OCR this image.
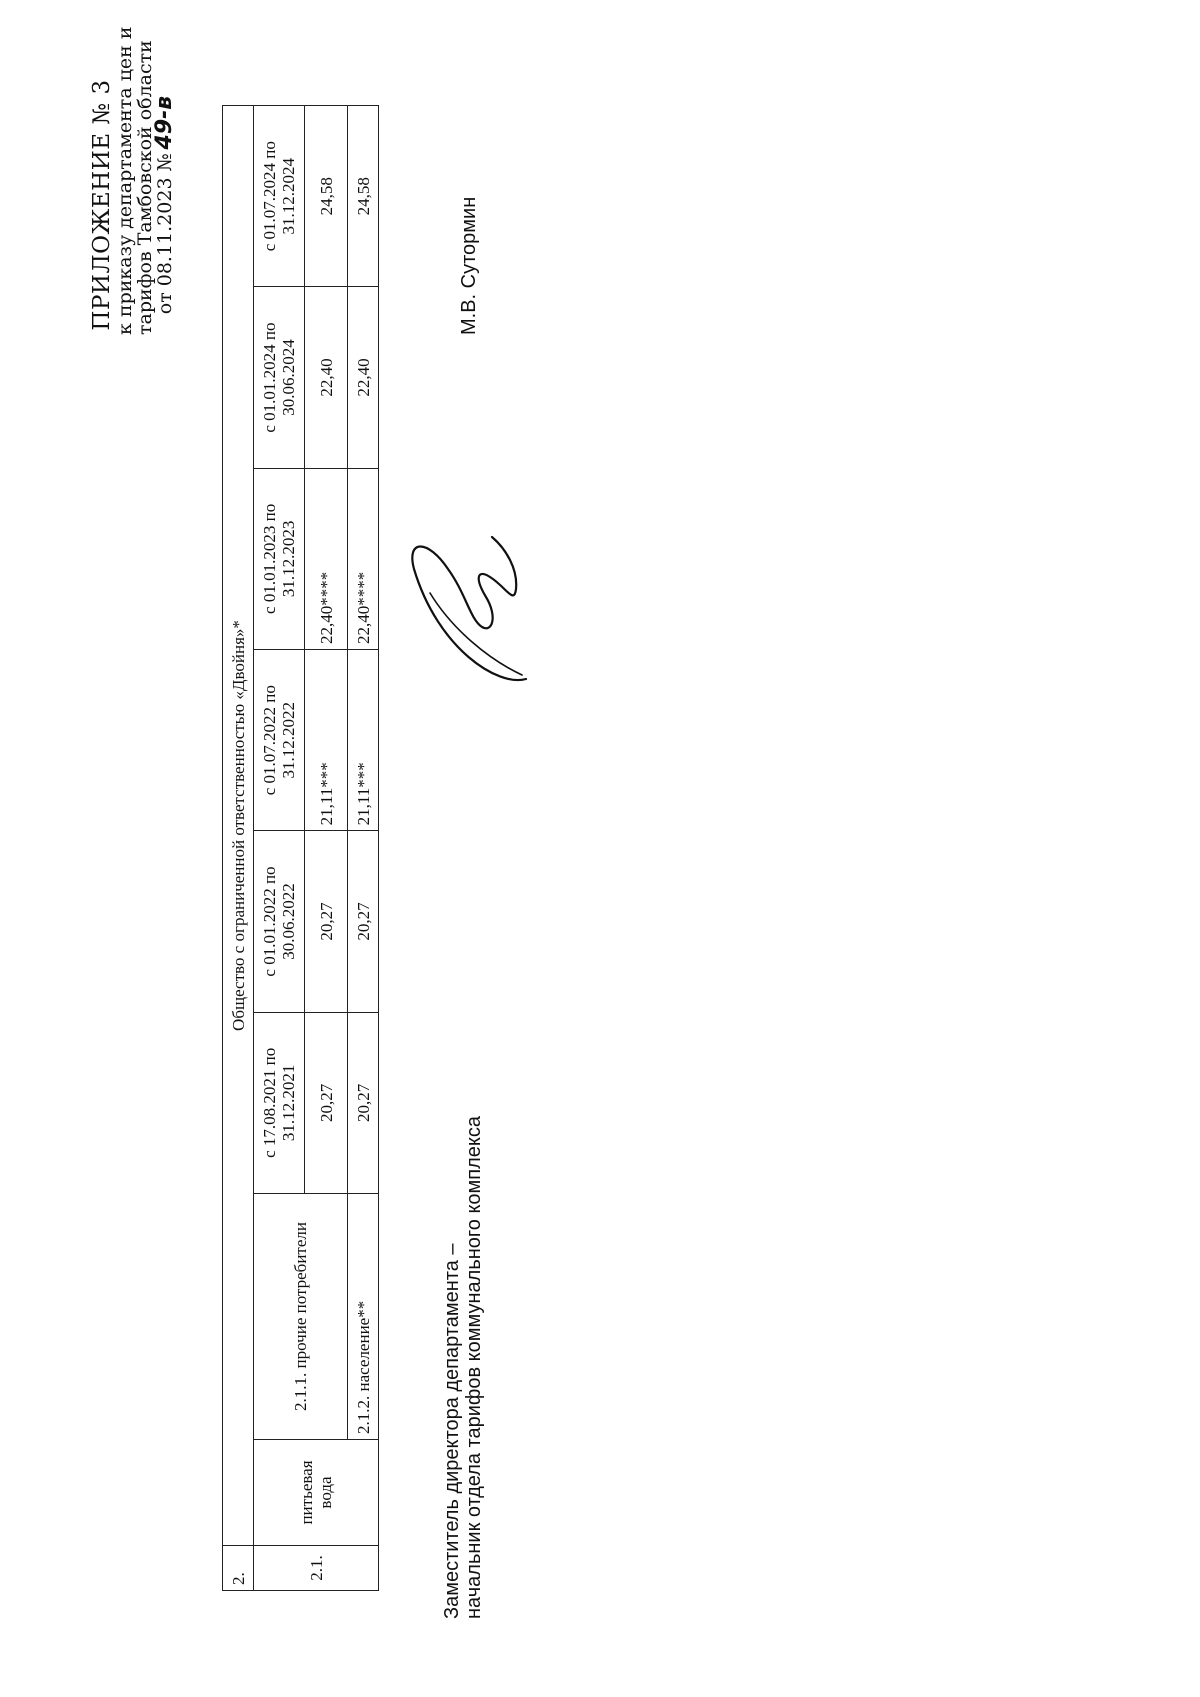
ПРИЛОЖЕНИЕ № 3 к приказу департамента цен и
тарифов Тамбовской области
от 08.11.2023 №49-в
2.	Общество с ограниченной ответственностью «Двойня»*							
2.1.	питьевая вода	2.1.1. прочие потребители	с 17.08.2021 по 31.12.2021	с 01.01.2022 по 30.06.2022	с 01.07.2022 по 31.12.2022	с 01.01.2023 по 31.12.2023	с 01.01.2024 по 30.06.2024	с 01.07.2024 по 31.12.2024
			20,27	20,27	21,11***	22,40****	22,40	24,58
		2.1.2. население**	20,27	20,27	21,11***	22,40****	22,40	24,58
Заместитель директора департамента – начальник отдела тарифов коммунального комплекса
М.В. Сутормин
